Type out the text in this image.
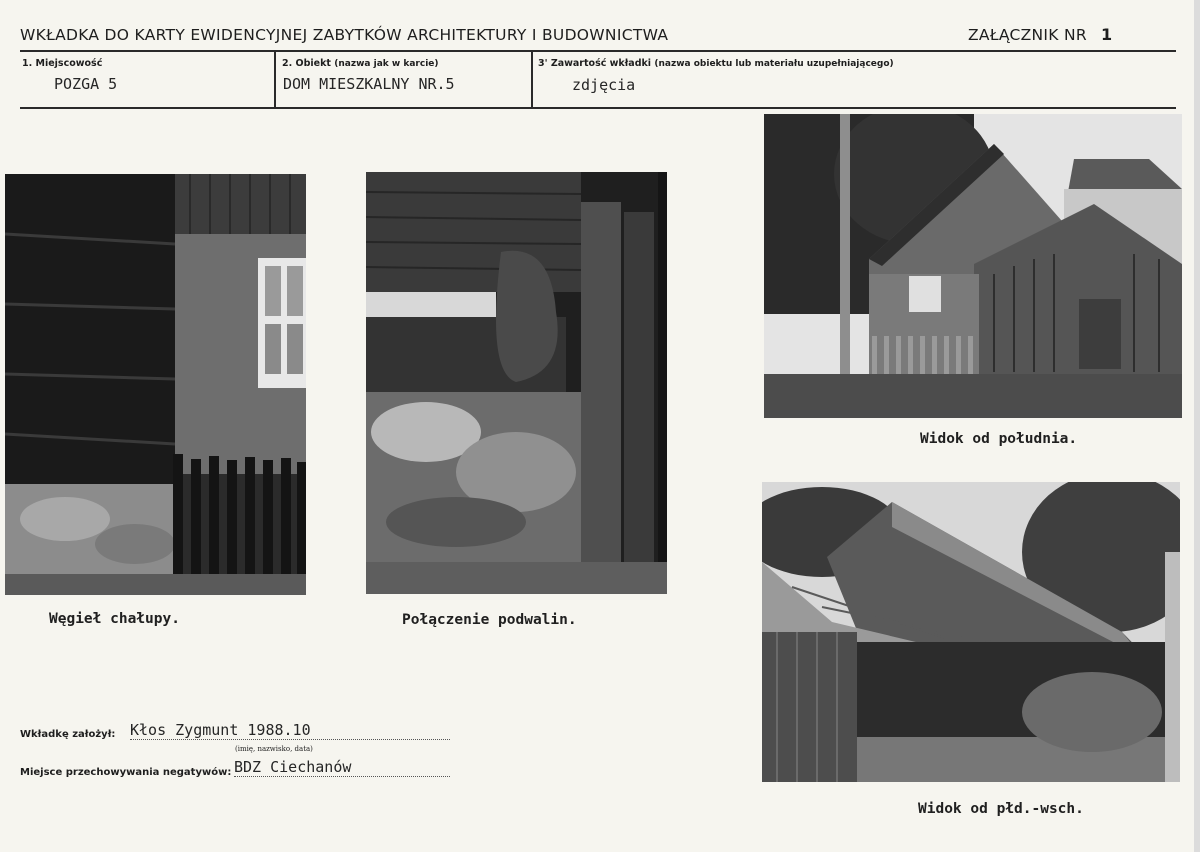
WKŁADKA DO KARTY EWIDENCYJNEJ ZABYTKÓW ARCHITEKTURY I BUDOWNICTWA	ZAŁĄCZNIK NR 1
1. Miejscowość
POZGA 5
2. Obiekt (nazwa jak w karcie)
DOM MIESZKALNY NR.5
3' Zawartość wkładki (nazwa obiektu lub materiału uzupełniającego)
zdjęcia
Węgieł chałupy.	Połączenie podwalin.
Widok od południa.
Widok od płd.-wsch.
Wkładkę założył: Kłos Zygmunt 1988.10
(imię, nazwisko, data)
Miejsce przechowywania negatywów: BDZ Ciechanów
